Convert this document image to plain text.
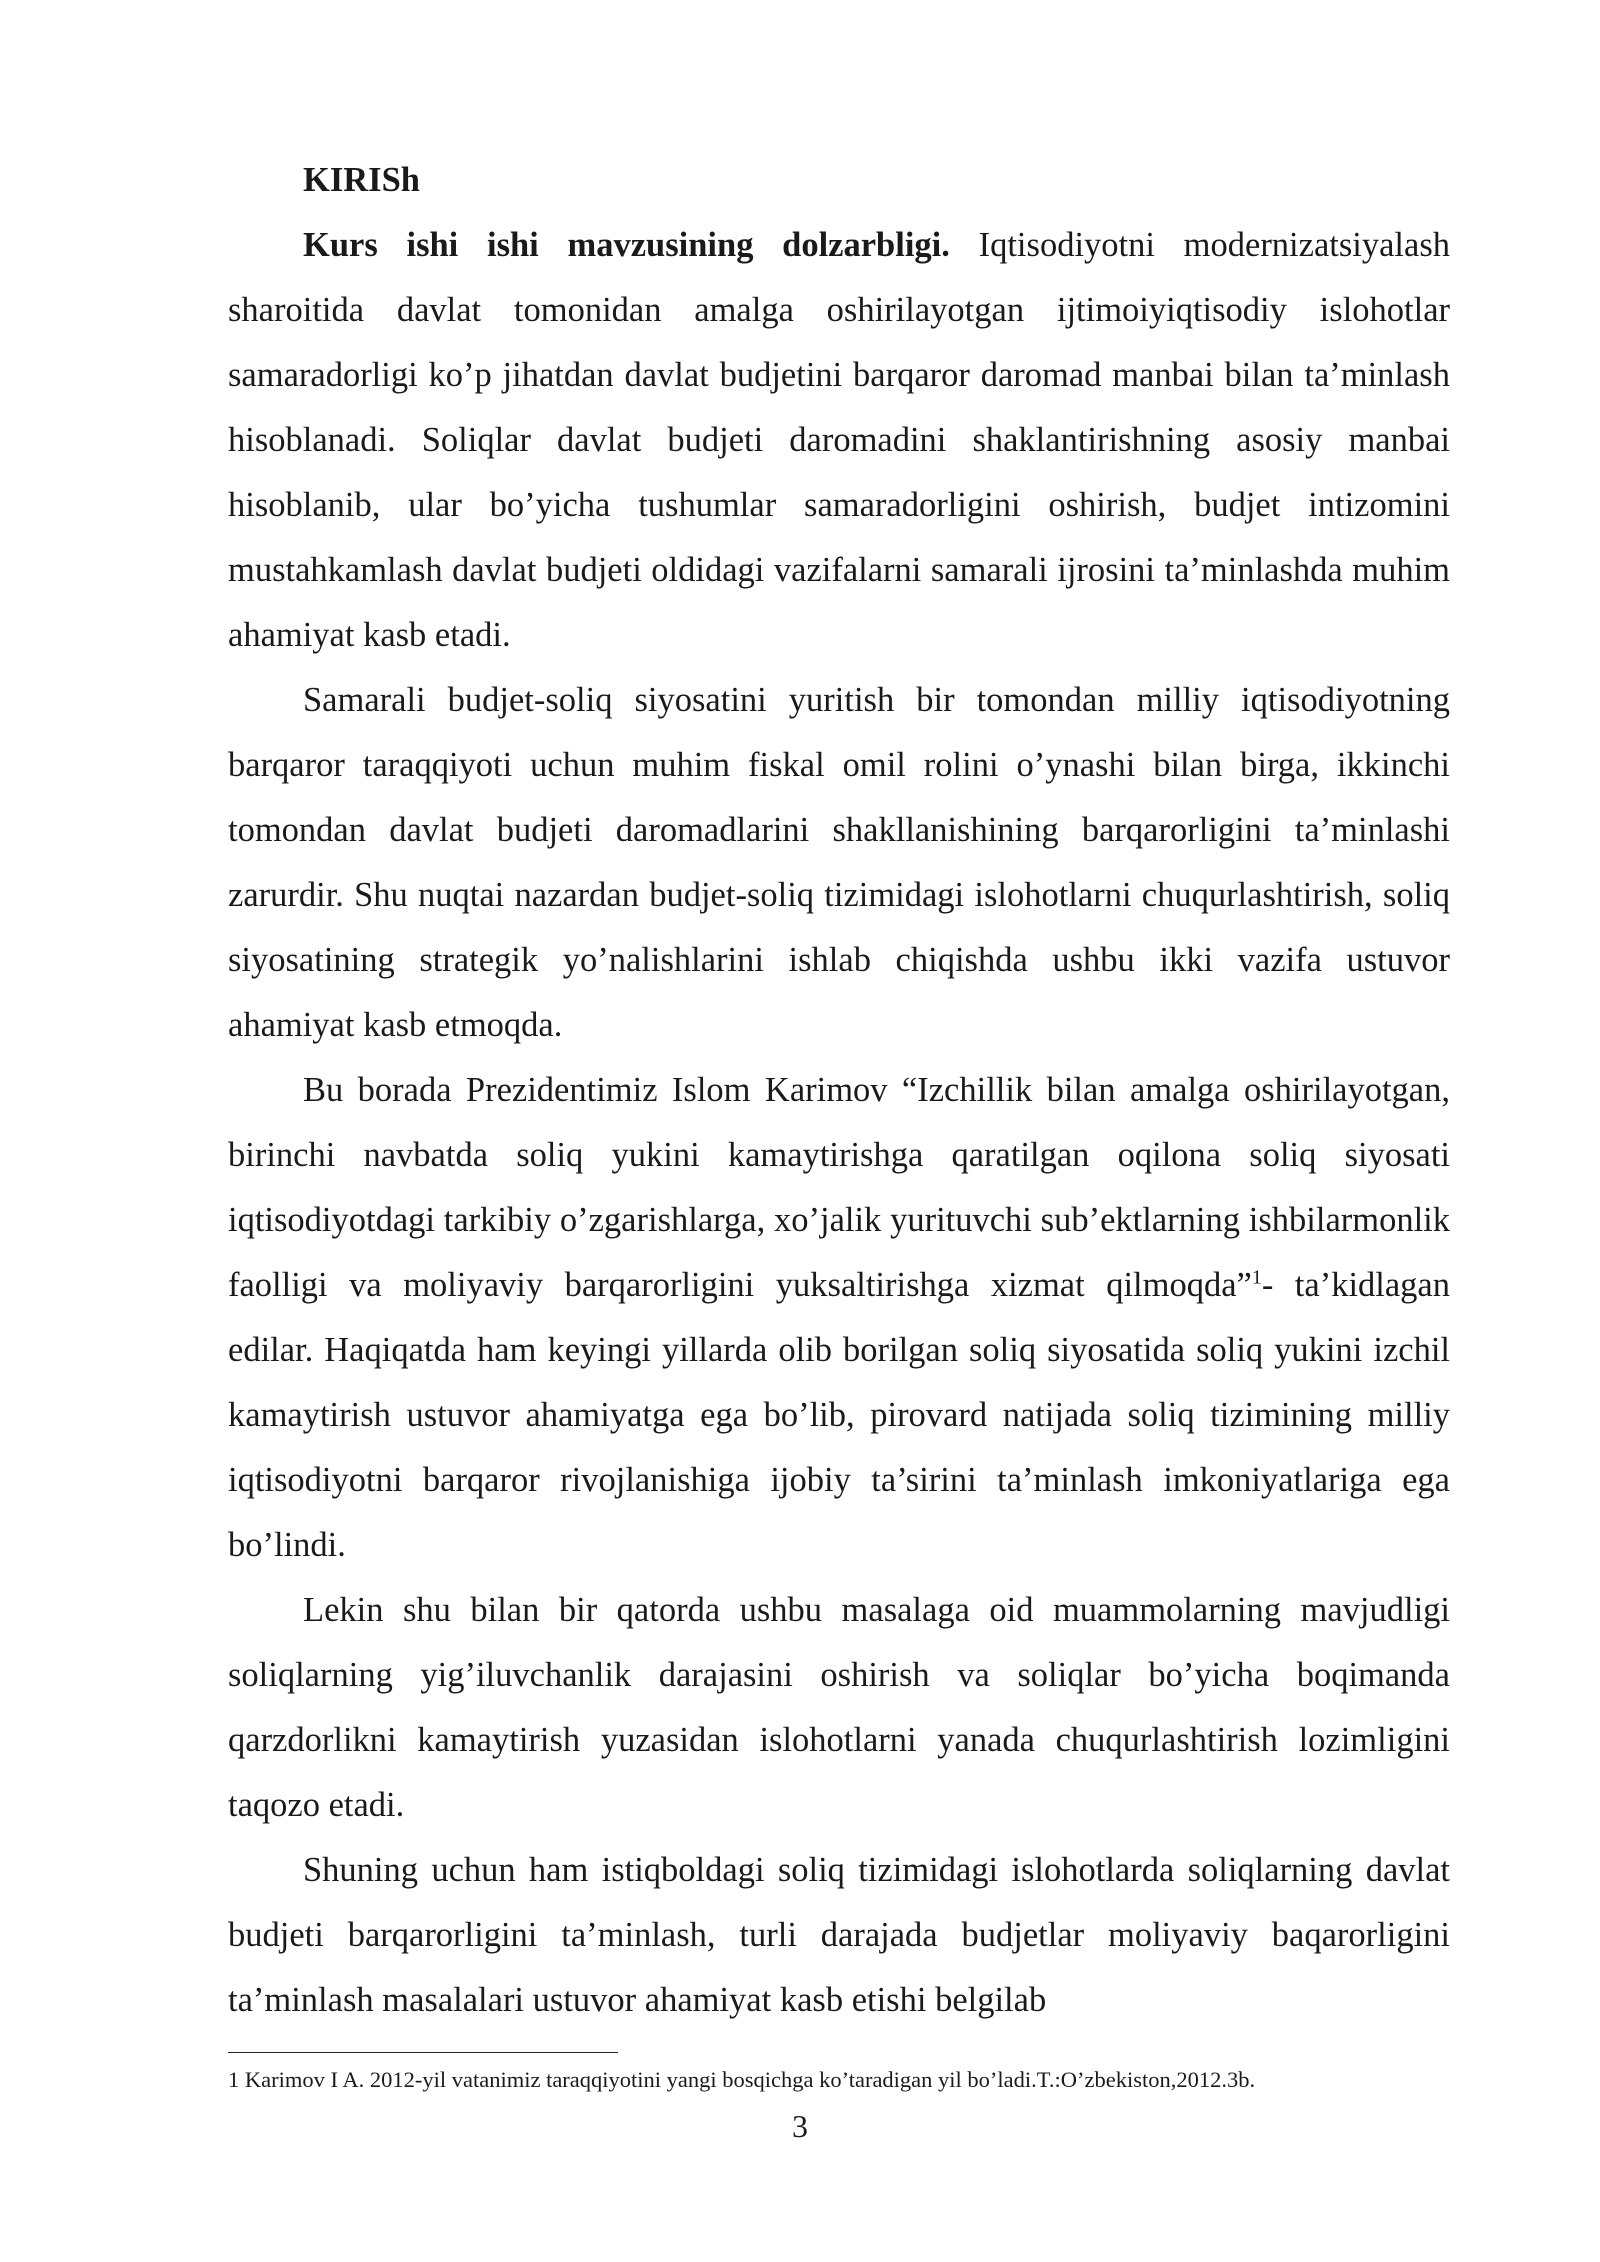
KIRISh

Kurs ishi ishi mavzusining dolzarbligi. Iqtisodiyotni modernizatsiyalash sharoitida davlat tomonidan amalga oshirilayotgan ijtimoiyiqtisodiy islohotlar samaradorligi ko’p jihatdan davlat budjetini barqaror daromad manbai bilan ta’minlash hisoblanadi. Soliqlar davlat budjeti daromadini shaklantirishning asosiy manbai hisoblanib, ular bo’yicha tushumlar samaradorligini oshirish, budjet intizomini mustahkamlash davlat budjeti oldidagi vazifalarni samarali ijrosini ta’minlashda muhim ahamiyat kasb etadi.

Samarali budjet-soliq siyosatini yuritish bir tomondan milliy iqtisodiyotning barqaror taraqqiyoti uchun muhim fiskal omil rolini o’ynashi bilan birga, ikkinchi tomondan davlat budjeti daromadlarini shakllanishining barqarorligini ta’minlashi zarurdir. Shu nuqtai nazardan budjet-soliq tizimidagi islohotlarni chuqurlashtirish, soliq siyosatining strategik yo’nalishlarini ishlab chiqishda ushbu ikki vazifa ustuvor ahamiyat kasb etmoqda.

Bu borada Prezidentimiz Islom Karimov “Izchillik bilan amalga oshirilayotgan, birinchi navbatda soliq yukini kamaytirishga qaratilgan oqilona soliq siyosati iqtisodiyotdagi tarkibiy o’zgarishlarga, xo’jalik yurituvchi sub’ektlarning ishbilarmonlik faolligi va moliyaviy barqarorligini yuksaltirishga xizmat qilmoqda”$^1$- ta’kidlagan edilar. Haqiqatda ham keyingi yillarda olib borilgan soliq siyosatida soliq yukini izchil kamaytirish ustuvor ahamiyatga ega bo’lib, pirovard natijada soliq tizimining milliy iqtisodiyotni barqaror rivojlanishiga ijobiy ta’sirini ta’minlash imkoniyatlariga ega bo’lindi.

Lekin shu bilan bir qatorda ushbu masalaga oid muammolarning mavjudligi soliqlarning yig’iluvchanlik darajasini oshirish va soliqlar bo’yicha boqimanda qarzdorlikni kamaytirish yuzasidan islohotlarni yanada chuqurlashtirish lozimligini taqozo etadi.

Shuning uchun ham istiqboldagi soliq tizimidagi islohotlarda soliqlarning davlat budjeti barqarorligini ta’minlash, turli darajada budjetlar moliyaviy baqarorligini ta’minlash masalalari ustuvor ahamiyat kasb etishi belgilab

1 Karimov I A. 2012-yil vatanimiz taraqqiyotini yangi bosqichga ko’taradigan yil bo’ladi.T.:O’zbekiston,2012.3b.
3
